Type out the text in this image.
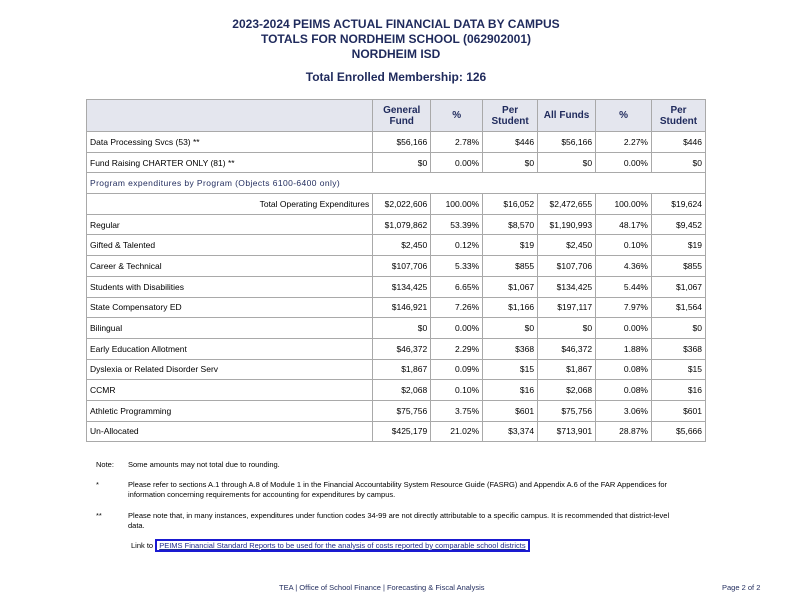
2023-2024 PEIMS ACTUAL FINANCIAL DATA BY CAMPUS
TOTALS FOR NORDHEIM SCHOOL (062902001)
NORDHEIM ISD
Total Enrolled Membership: 126
	General Fund	%	Per Student	All Funds	%	Per Student
Data Processing Svcs (53) **	$56,166	2.78%	$446	$56,166	2.27%	$446
Fund Raising CHARTER ONLY (81) **	$0	0.00%	$0	$0	0.00%	$0
Program expenditures by Program (Objects 6100-6400 only)						
Total Operating Expenditures	$2,022,606	100.00%	$16,052	$2,472,655	100.00%	$19,624
Regular	$1,079,862	53.39%	$8,570	$1,190,993	48.17%	$9,452
Gifted & Talented	$2,450	0.12%	$19	$2,450	0.10%	$19
Career & Technical	$107,706	5.33%	$855	$107,706	4.36%	$855
Students with Disabilities	$134,425	6.65%	$1,067	$134,425	5.44%	$1,067
State Compensatory ED	$146,921	7.26%	$1,166	$197,117	7.97%	$1,564
Bilingual	$0	0.00%	$0	$0	0.00%	$0
Early Education Allotment	$46,372	2.29%	$368	$46,372	1.88%	$368
Dyslexia or Related Disorder Serv	$1,867	0.09%	$15	$1,867	0.08%	$15
CCMR	$2,068	0.10%	$16	$2,068	0.08%	$16
Athletic Programming	$75,756	3.75%	$601	$75,756	3.06%	$601
Un-Allocated	$425,179	21.02%	$3,374	$713,901	28.87%	$5,666
Note: Some amounts may not total due to rounding.
*	Please refer to sections A.1 through A.8 of Module 1 in the Financial Accountability System Resource Guide (FASRG) and Appendix A.6 of the FAR Appendices for information concerning requirements for accounting for expenditures by campus.
**	Please note that, in many instances, expenditures under function codes 34-99 are not directly attributable to a specific campus. It is recommended that district-level data.
Link to PEIMS Financial Standard Reports to be used for the analysis of costs reported by comparable school districts
TEA | Office of School Finance | Forecasting & Fiscal Analysis	Page 2 of 2
